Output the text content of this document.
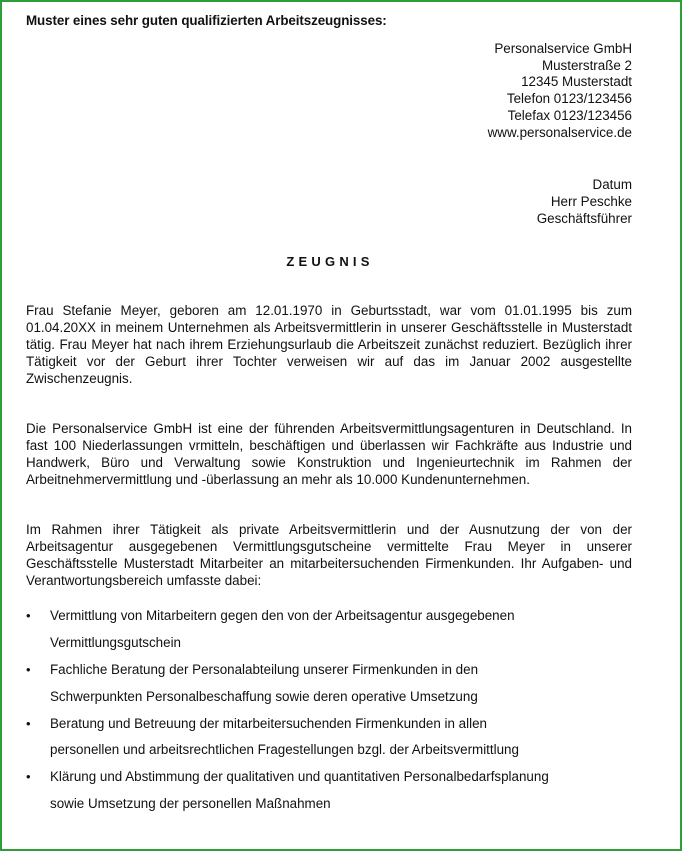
Muster eines sehr guten qualifizierten Arbeitszeugnisses:

Personalservice GmbH
Musterstraße 2
12345 Musterstadt
Telefon 0123/123456
Telefax 0123/123456
www.personalservice.de
Datum
Herr Peschke
Geschäftsführer
ZEUGNIS

Frau Stefanie Meyer, geboren am 12.01.1970 in Geburtsstadt, war vom 01.01.1995 bis zum 01.04.20XX in meinem Unternehmen als Arbeitsvermittlerin in unserer Geschäftsstelle in Musterstadt tätig. Frau Meyer hat nach ihrem Erziehungsurlaub die Arbeitszeit zunächst reduziert. Bezüglich ihrer Tätigkeit vor der Geburt ihrer Tochter verweisen wir auf das im Januar 2002 ausgestellte Zwischenzeugnis.

Die Personalservice GmbH ist eine der führenden Arbeitsvermittlungsagenturen in Deutschland. In fast 100 Niederlassungen vrmitteln, beschäftigen und überlassen wir Fachkräfte aus Industrie und Handwerk, Büro und Verwaltung sowie Konstruktion und Ingenieurtechnik im Rahmen der Arbeitnehmervermittlung und -überlassung an mehr als 10.000 Kundenunternehmen.

Im Rahmen ihrer Tätigkeit als private Arbeitsvermittlerin und der Ausnutzung der von der Arbeitsagentur ausgegebenen Vermittlungsgutscheine vermittelte Frau Meyer in unserer Geschäftsstelle Musterstadt Mitarbeiter an mitarbeitersuchenden Firmenkunden. Ihr Aufgaben- und Verantwortungsbereich umfasste dabei:

• Vermittlung von Mitarbeitern gegen den von der Arbeitsagentur ausgegebenen
Vermittlungsgutschein
• Fachliche Beratung der Personalabteilung unserer Firmenkunden in den
Schwerpunkten Personalbeschaffung sowie deren operative Umsetzung
• Beratung und Betreuung der mitarbeitersuchenden Firmenkunden in allen
personellen und arbeitsrechtlichen Fragestellungen bzgl. der Arbeitsvermittlung
• Klärung und Abstimmung der qualitativen und quantitativen Personalbedarfsplanung
sowie Umsetzung der personellen Maßnahmen
